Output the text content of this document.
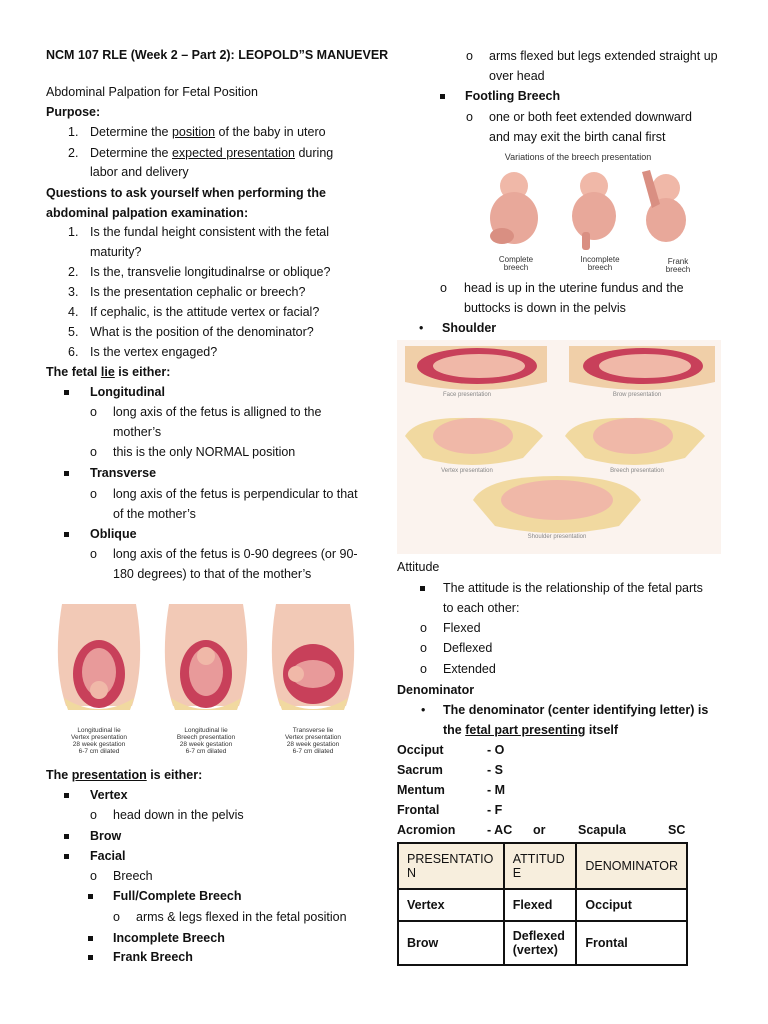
NCM 107 RLE (Week 2 – Part 2): LEOPOLD”S MANUEVER
Abdominal Palpation for Fetal Position
Purpose:
1. Determine the position of the baby in utero
2. Determine the expected presentation during
labor and delivery
Questions to ask yourself when performing the
abdominal palpation examination:
1. Is the fundal height consistent with the fetal
maturity?
2. Is the, transvelie longitudinalrse or oblique?
3. Is the presentation cephalic or breech?
4. If cephalic, is the attitude vertex or facial?
5. What is the position of the denominator?
6. Is the vertex engaged?
The fetal lie is either:
Longitudinal
o long axis of the fetus is alligned to the
mother’s
o this is the only NORMAL position
Transverse
o long axis of the fetus is perpendicular to that
of the mother’s
Oblique
o long axis of the fetus is 0-90 degrees (or 90-
180 degrees) to that of the mother’s
Longitudinal lie
Vertex presentation
28 week gestation
6-7 cm dilated
Longitudinal lie
Breech presentation
28 week gestation
6-7 cm dilated
Transverse lie
Vertex presentation
28 week gestation
6-7 cm dilated
The presentation is either:
Vertex
o head down in the pelvis
Brow
Facial
o Breech
Full/Complete Breech
o arms & legs flexed in the fetal position
Incomplete Breech
Frank Breech
o arms flexed but legs extended straight up
over head
Footling Breech
o one or both feet extended downward
and may exit the birth canal first
Variations of the breech presentation
Complete
breech
Incomplete
breech
Frank
breech
o head is up in the uterine fundus and the
buttocks is down in the pelvis
• Shoulder
Face presentation	Brow presentation
Vertex presentation	Breech presentation
Shoulder presentation
Attitude
The attitude is the relationship of the fetal parts
to each other:
o Flexed
o Deflexed
o Extended
Denominator
• The denominator (center identifying letter) is
the fetal part presenting itself
Occiput	- O
Sacrum	- S
Mentum	- M
Frontal	- F
Acromion	- AC or	Scapula	SC
PRESENTATIO N	ATTITUD E	DENOMINATOR
Vertex	Flexed	Occiput
Brow	Deflexed (vertex)	Frontal
